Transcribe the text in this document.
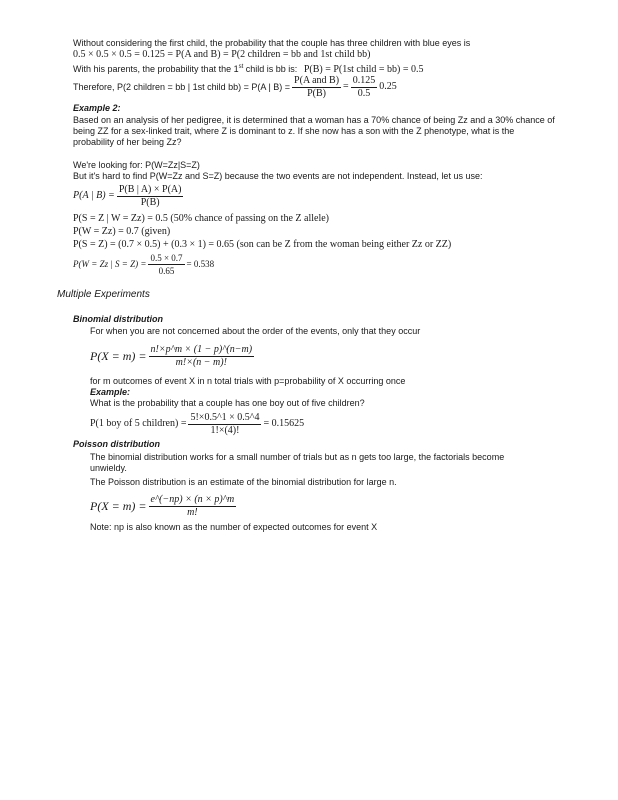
Without considering the first child, the probability that the couple has three children with blue eyes is
0.5 × 0.5 × 0.5 = 0.125 = P(A and B) = P(2 children = bb and 1st child bb)
With his parents, the probability that the 1st child is bb is: P(B) = P(1st child = bb) = 0.5
Therefore, P(2 children = bb | 1st child bb) = P(A | $B) = \frac{\text{P(A and B)}}{P(B)} = \frac{0.125}{0.5} 0.25$
Example 2:
Based on an analysis of her pedigree, it is determined that a woman has a 70% chance of being Zz and a 30% chance of
being ZZ for a sex-linked trait, where Z is dominant to z. If she now has a son with the Z phenotype, what is the
probability of her being Zz?
We're looking for: P(W=Zz|S=Z)
But it's hard to find P(W=Zz and S=Z) because the two events are not independent. Instead, let us use:
P(A | $B) = \frac{P(B | A) \times P(A)}{P(B)}$
P(S = Z | W = Zz) = 0.5 (50% chance of passing on the Z allele)
P(W = Zz) = 0.7 (given)
P(S = Z) = (0.7 × 0.5) + (0.3 × 1) = 0.65 (son can be Z from the woman being either Zz or ZZ)
P(W = Zz | $S = Z) = \frac{0.5 \times 0.7}{0.65} = 0.538$
Multiple Experiments
Binomial distribution
For when you are not concerned about the order of the events, only that they occur
$P(X = m) = \frac{n!\times p\^{}m \times (1 - p)\^{}(n-m)}{m!\times(n - m)!}$
for m outcomes of event X in n total trials with p=probability of X occurring once
Example:
What is the probability that a couple has one boy out of five children?
P(1 boy of 5 children) = $\frac{5!\times 0.5\^{}1 \times 0.5\^{}4}{1!\times(4)!} = 0.15625$
Poisson distribution
The binomial distribution works for a small number of trials but as n gets too large, the factorials become
unwieldy.
The Poisson distribution is an estimate of the binomial distribution for large n.
$P(X = m) = \frac{e\^{}(-np) \times (n \times p)\^{}m}{m!}$
Note: np is also known as the number of expected outcomes for event X
